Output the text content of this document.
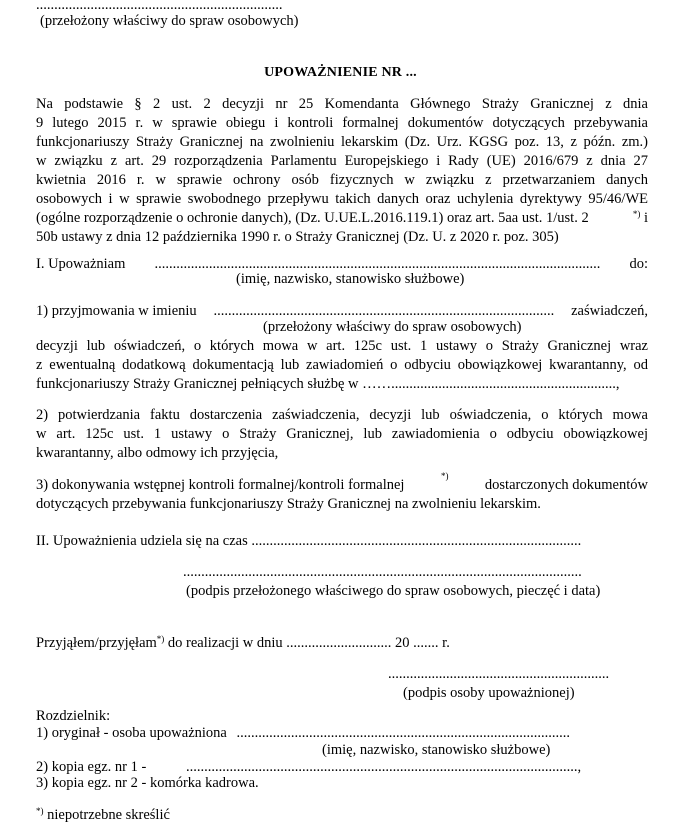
....................................................................
(przełożony właściwy do spraw osobowych)
UPOWAŻNIENIE NR ...
Na podstawie § 2 ust. 2 decyzji nr 25 Komendanta Głównego Straży Granicznej z dnia
9 lutego 2015 r. w sprawie obiegu i kontroli formalnej dokumentów dotyczących przebywania
funkcjonariuszy Straży Granicznej na zwolnieniu lekarskim (Dz. Urz. KGSG poz. 13, z późn. zm.)
w związku z art. 29 rozporządzenia Parlamentu Europejskiego i Rady (UE) 2016/679 z dnia 27
kwietnia 2016 r. w sprawie ochrony osób fizycznych w związku z przetwarzaniem danych
osobowych i w sprawie swobodnego przepływu takich danych oraz uchylenia dyrektywy 95/46/WE
(ogólne rozporządzenie o ochronie danych), (Dz. U.UE.L.2016.119.1) oraz art. 5aa ust. 1/ust. 2	*) i
50b ustawy z dnia 12 października 1990 r. o Straży Granicznej (Dz. U. z 2020 r. poz. 305)
I. Upoważniam ........................................................................................................................... do:
(imię, nazwisko, stanowisko służbowe)
1) przyjmowania w imieniu .............................................................................................. zaświadczeń,
(przełożony właściwy do spraw osobowych)
decyzji lub oświadczeń, o których mowa w art. 125c ust. 1 ustawy o Straży Granicznej wraz
z ewentualną dodatkową dokumentacją lub zawiadomień o odbyciu obowiązkowej kwarantanny, od
funkcjonariuszy Straży Granicznej pełniących służbę w ……..............................................................,
2) potwierdzania faktu dostarczenia zaświadczenia, decyzji lub oświadczenia, o których mowa
w art. 125c ust. 1 ustawy o Straży Granicznej, lub zawiadomienia o odbyciu obowiązkowej
kwarantanny, albo odmowy ich przyjęcia,
3) dokonywania wstępnej kontroli formalnej/kontroli formalnej
*)
dostarczonych dokumentów
dotyczących przebywania funkcjonariuszy Straży Granicznej na zwolnieniu lekarskim.
II. Upoważnienia udziela się na czas ...........................................................................................
..............................................................................................................
(podpis przełożonego właściwego do spraw osobowych, pieczęć i data)
Przyjąłem/przyjęłam*) do realizacji w dniu ............................. 20 ....... r.
.............................................................
(podpis osoby upoważnionej)
Rozdzielnik:
1) oryginał - osoba upoważniona ............................................................................................
(imię, nazwisko, stanowisko służbowe)
2) kopia egz. nr 1 -	............................................................................................................,
3) kopia egz. nr 2 - komórka kadrowa.
*) niepotrzebne skreślić
